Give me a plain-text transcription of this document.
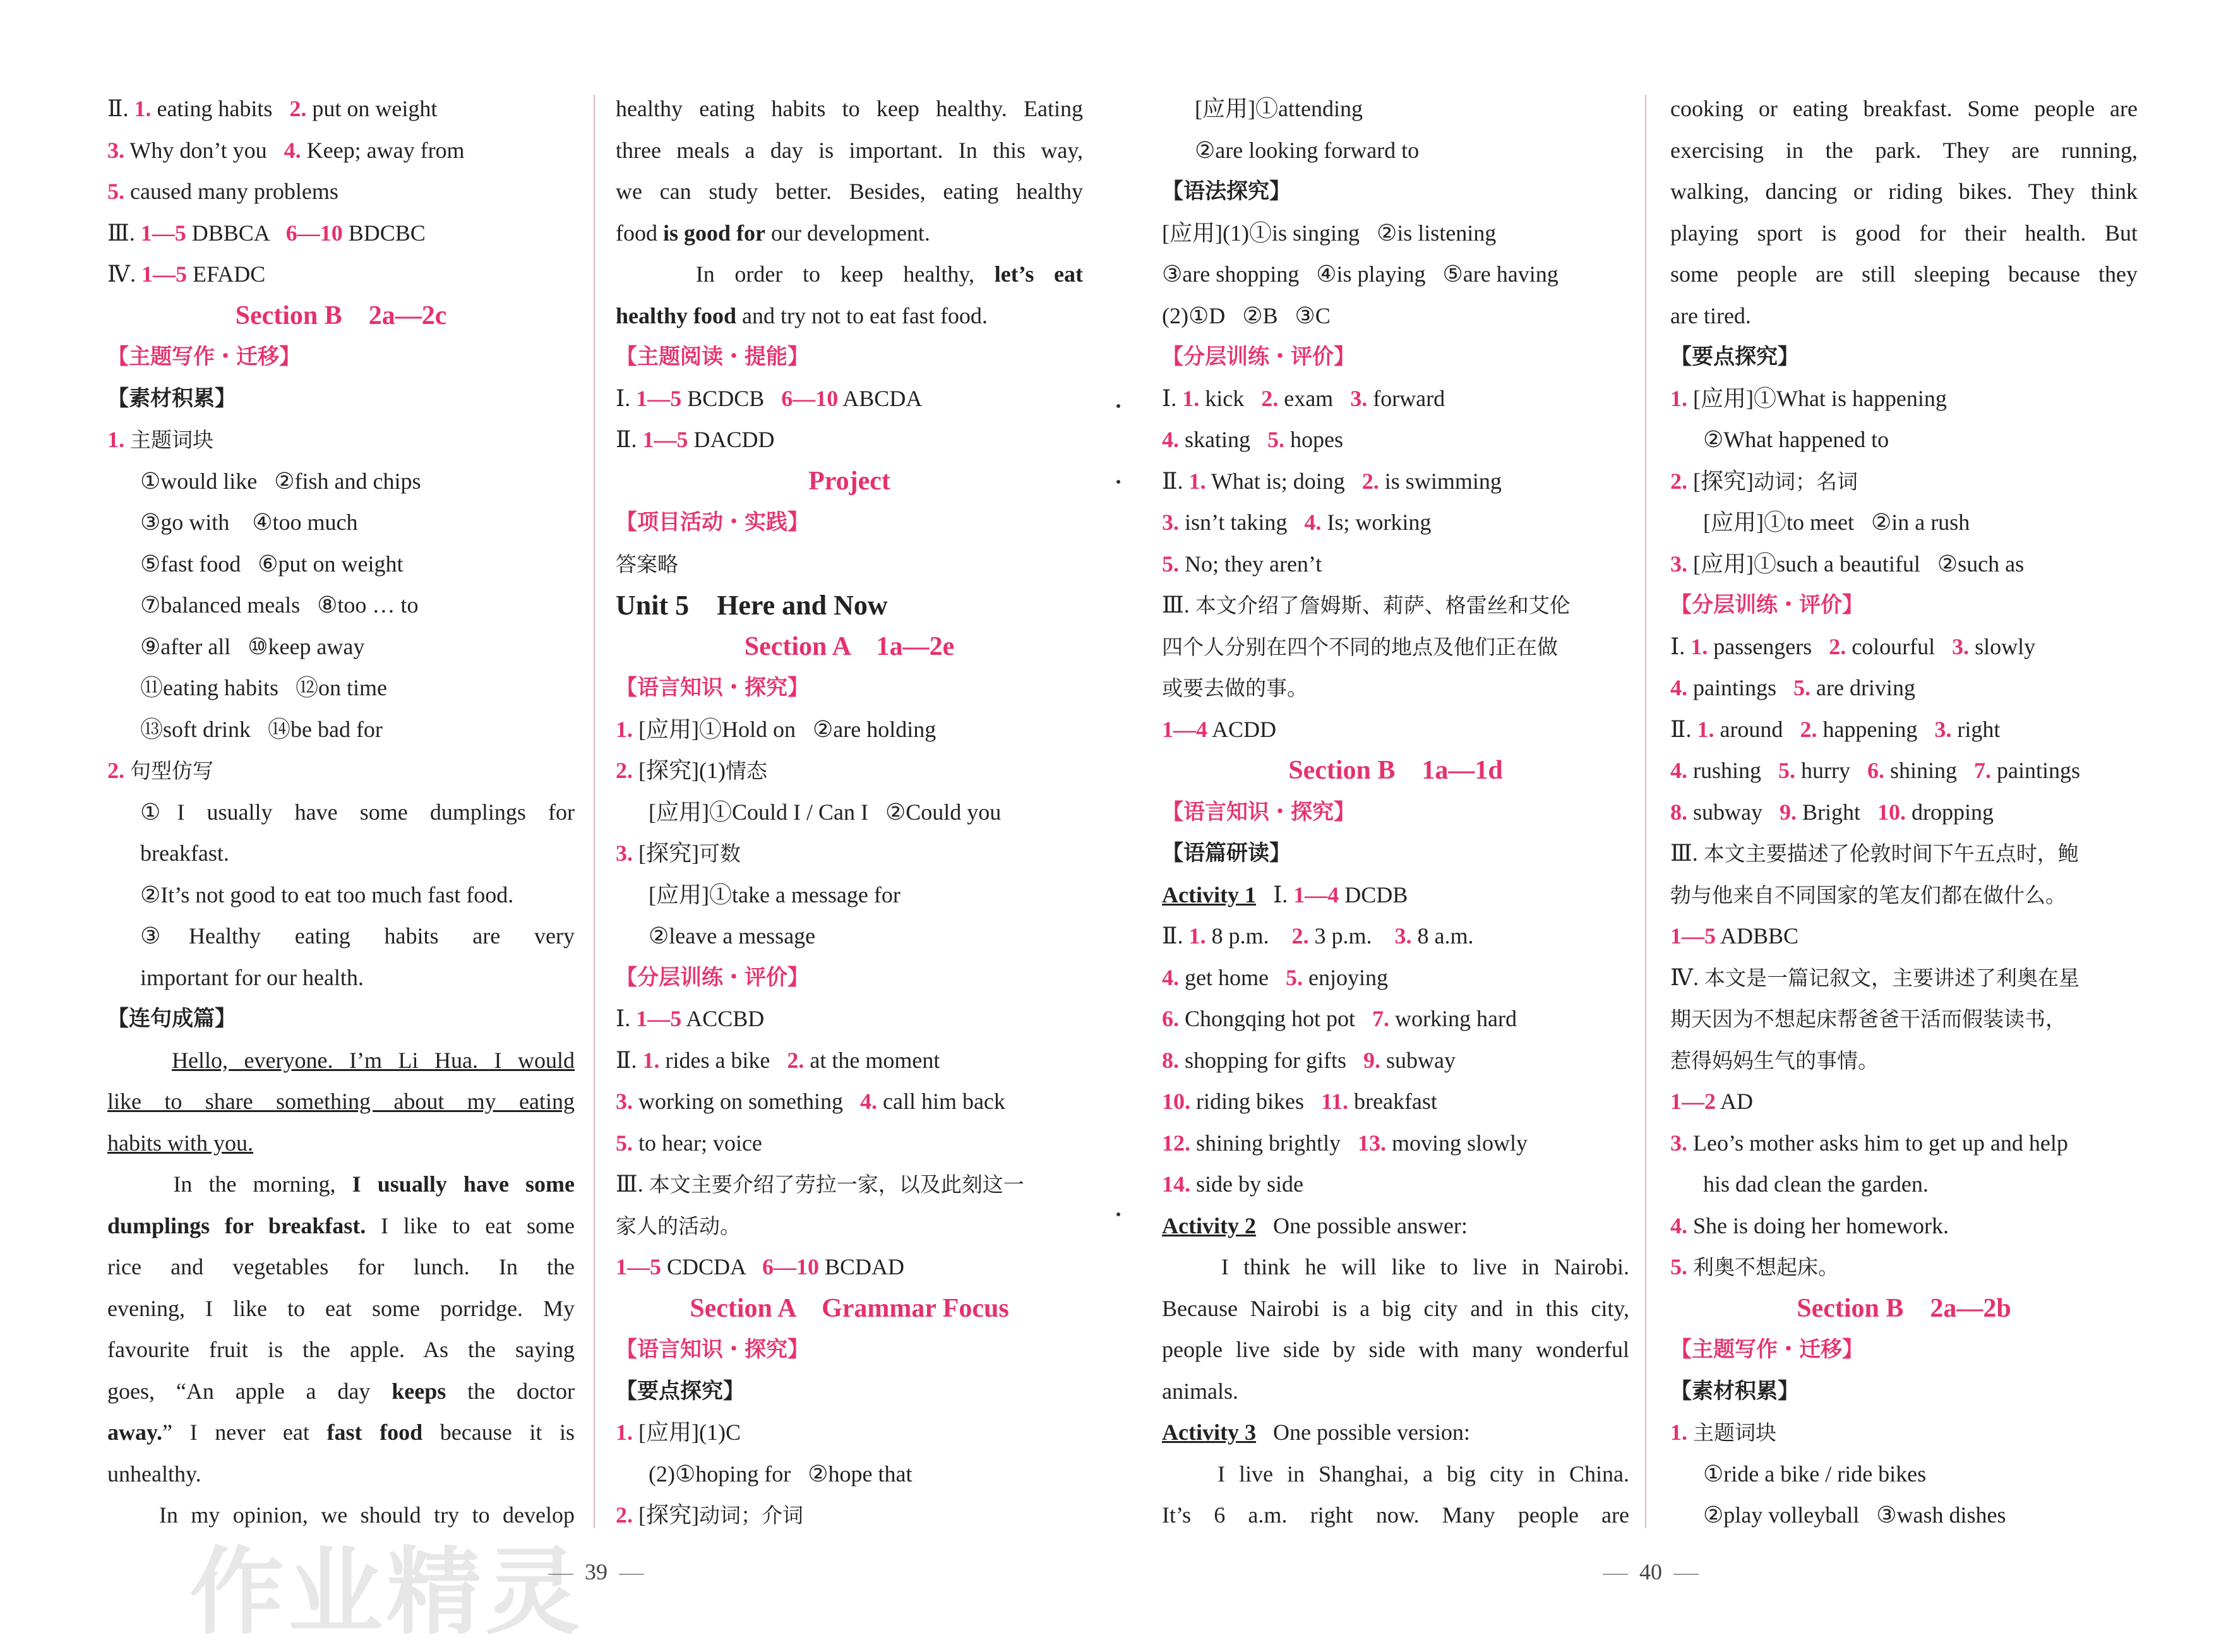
Ⅱ. 1. eating habits   2. put on weight
3. Why don’t you   4. Keep; away from
5. caused many problems
Ⅲ. 1—5 DBBCA   6—10 BDCBC
Ⅳ. 1—5 EFADC
Section B    2a—2c
【主题写作・迁移】
【素材积累】
1. 主题词块
①would like   ②fish and chips
③go with    ④too much
⑤fast food   ⑥put on weight
⑦balanced meals   ⑧too … to
⑨after all   ⑩keep away
⑪eating habits   ⑫on time
⑬soft drink   ⑭be bad for
2. 句型仿写
①I usually have some dumplings for
breakfast.
②It’s not good to eat too much fast food.
③Healthy eating habits are very
important for our health.
【连句成篇】
Hello, everyone. I’m Li Hua. I would
like to share something about my eating
habits with you.
In the morning, I usually have some
dumplings for breakfast. I like to eat some
rice and vegetables for lunch. In the
evening, I like to eat some porridge. My
favourite fruit is the apple. As the saying
goes, “An apple a day keeps the doctor
away.” I never eat fast food because it is
unhealthy.
In my opinion, we should try to develop
healthy eating habits to keep healthy. Eating
three meals a day is important. In this way,
we can study better. Besides, eating healthy
food is good for our development.
In order to keep healthy, let’s eat
healthy food and try not to eat fast food.
【主题阅读・提能】
Ⅰ. 1—5 BCDCB   6—10 ABCDA
Ⅱ. 1—5 DACDD
Project
【项目活动・实践】
答案略
Unit 5    Here and Now
Section A    1a—2e
【语言知识・探究】
1. [应用]①Hold on   ②are holding
2. [探究](1)情态
[应用]①Could I / Can I   ②Could you
3. [探究]可数
[应用]①take a message for
②leave a message
【分层训练・评价】
Ⅰ. 1—5 ACCBD
Ⅱ. 1. rides a bike   2. at the moment
3. working on something   4. call him back
5. to hear; voice
Ⅲ. 本文主要介绍了劳拉一家，以及此刻这一
家人的活动。
1—5 CDCDA   6—10 BCDAD
Section A    Grammar Focus
【语言知识・探究】
【要点探究】
1. [应用](1)C
(2)①hoping for   ②hope that
2. [探究]动词；介词
[应用]①attending
②are looking forward to
【语法探究】
[应用](1)①is singing   ②is listening
③are shopping   ④is playing   ⑤are having
(2)①D   ②B   ③C
【分层训练・评价】
Ⅰ. 1. kick   2. exam   3. forward
4. skating   5. hopes
Ⅱ. 1. What is; doing   2. is swimming
3. isn’t taking   4. Is; working
5. No; they aren’t
Ⅲ. 本文介绍了詹姆斯、莉萨、格雷丝和艾伦
四个人分别在四个不同的地点及他们正在做
或要去做的事。
1—4 ACDD
Section B    1a—1d
【语言知识・探究】
【语篇研读】
Activity 1   Ⅰ. 1—4 DCDB
Ⅱ. 1. 8 p.m.    2. 3 p.m.    3. 8 a.m.
4. get home   5. enjoying
6. Chongqing hot pot   7. working hard
8. shopping for gifts   9. subway
10. riding bikes   11. breakfast
12. shining brightly   13. moving slowly
14. side by side
Activity 2   One possible answer:
I think he will like to live in Nairobi.
Because Nairobi is a big city and in this city,
people live side by side with many wonderful
animals.
Activity 3   One possible version:
I live in Shanghai, a big city in China.
It’s 6 a.m. right now. Many people are
cooking or eating breakfast. Some people are
exercising in the park. They are running,
walking, dancing or riding bikes. They think
playing sport is good for their health. But
some people are still sleeping because they
are tired.
【要点探究】
1. [应用]①What is happening
②What happened to
2. [探究]动词；名词
[应用]①to meet   ②in a rush
3. [应用]①such a beautiful   ②such as
【分层训练・评价】
Ⅰ. 1. passengers   2. colourful   3. slowly
4. paintings   5. are driving
Ⅱ. 1. around   2. happening   3. right
4. rushing   5. hurry   6. shining   7. paintings
8. subway   9. Bright   10. dropping
Ⅲ. 本文主要描述了伦敦时间下午五点时，鲍
勃与他来自不同国家的笔友们都在做什么。
1—5 ADBBC
Ⅳ. 本文是一篇记叙文，主要讲述了利奥在星
期天因为不想起床帮爸爸干活而假装读书，
惹得妈妈生气的事情。
1—2 AD
3. Leo’s mother asks him to get up and help
his dad clean the garden.
4. She is doing her homework.
5. 利奥不想起床。
Section B    2a—2b
【主题写作・迁移】
【素材积累】
1. 主题词块
①ride a bike / ride bikes
②play volleyball   ③wash dishes
39	40
作业精灵
